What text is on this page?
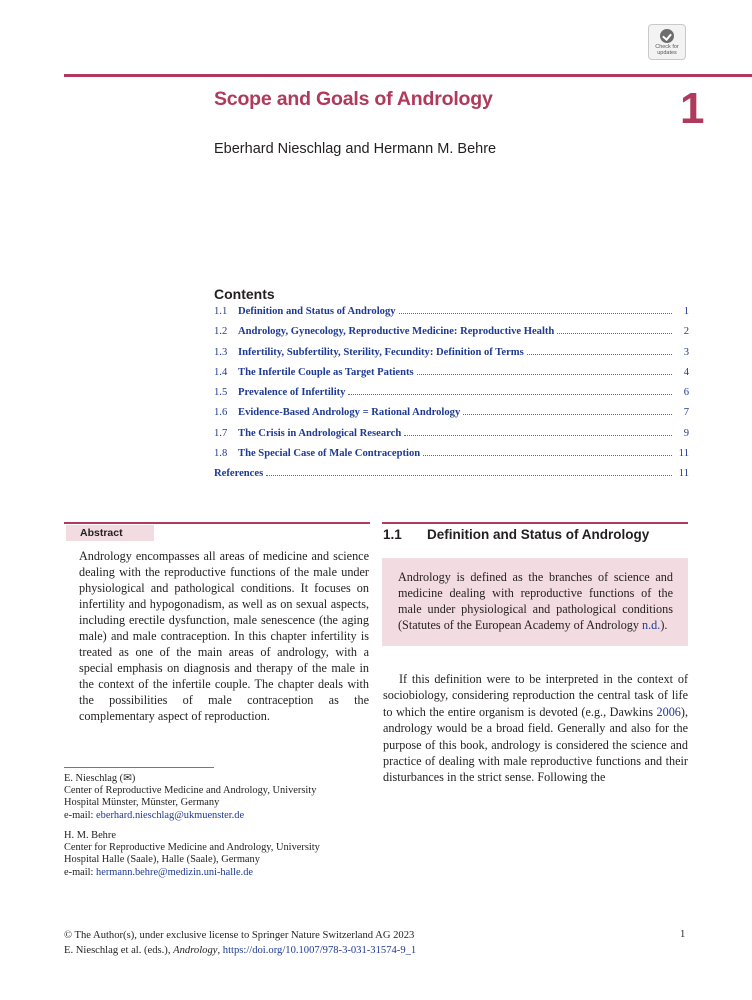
Check for
updates
Scope and Goals of Andrology	1
Eberhard Nieschlag and Hermann M. Behre
Contents
1.1	Definition and Status of Andrology	1
1.2	Andrology, Gynecology, Reproductive Medicine: Reproductive Health	2
1.3	Infertility, Subfertility, Sterility, Fecundity: Definition of Terms	3
1.4	The Infertile Couple as Target Patients	4
1.5	Prevalence of Infertility	6
1.6	Evidence-Based Andrology = Rational Andrology	7
1.7	The Crisis in Andrological Research	9
1.8	The Special Case of Male Contraception	11
References	11
Abstract

Andrology encompasses all areas of medicine and science dealing with the reproductive functions of the male under physiological and pathological conditions. It focuses on infertility and hypogonadism, as well as on sexual aspects, including erectile dysfunction, male senescence (the aging male) and male contraception. In this chapter infertility is treated as one of the main areas of andrology, with a special emphasis on diagnosis and therapy of the male in the context of the infertile couple. The chapter deals with the possibilities of male contraception as the complementary aspect of reproduction.

E. Nieschlag (✉)
Center of Reproductive Medicine and Andrology, University
Hospital Münster, Münster, Germany
e-mail: eberhard.nieschlag@ukmuenster.de

H. M. Behre
Center for Reproductive Medicine and Andrology, University
Hospital Halle (Saale), Halle (Saale), Germany
e-mail: hermann.behre@medizin.uni-halle.de

1.1 Definition and Status of Andrology
Andrology is defined as the branches of science and medicine dealing with reproductive functions of the male under physiological and pathological conditions (Statutes of the European Academy of Andrology n.d.).

If this definition were to be interpreted in the context of sociobiology, considering reproduction the central task of life to which the entire organism is devoted (e.g., Dawkins 2006), andrology would be a broad field. Generally and also for the purpose of this book, andrology is considered the science and practice of dealing with male reproductive functions and their disturbances in the strict sense. Following the

© The Author(s), under exclusive license to Springer Nature Switzerland AG 2023
E. Nieschlag et al. (eds.), Andrology, https://doi.org/10.1007/978-3-031-31574-9_1
1
